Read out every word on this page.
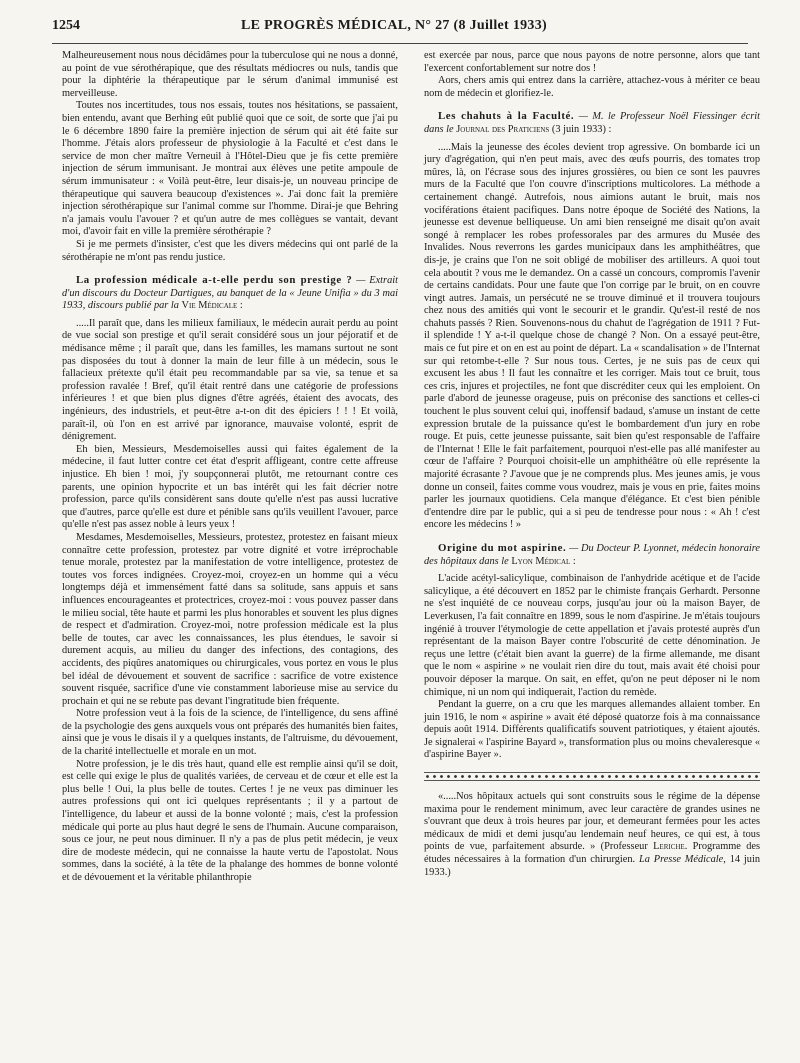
1254	LE PROGRÈS MÉDICAL, N° 27 (8 Juillet 1933)

Malheureusement nous nous décidâmes pour la tuberculose qui ne nous a donné, au point de vue sérothérapique, que des résultats médiocres ou nuls, tandis que pour la diphtérie la thérapeutique par le sérum d'animal immunisé est merveilleuse.

Toutes nos incertitudes, tous nos essais, toutes nos hésitations, se passaient, bien entendu, avant que Berhing eût publié quoi que ce soit, de sorte que j'ai pu le 6 décembre 1890 faire la première injection de sérum qui ait été faite sur l'homme. J'étais alors professeur de physiologie à la Faculté et c'est dans le service de mon cher maître Verneuil à l'Hôtel-Dieu que je fis cette première injection de sérum immunisant. Je montrai aux élèves une petite ampoule de sérum immunisateur : « Voilà peut-être, leur disais-je, un nouveau principe de thérapeutique qui sauvera beaucoup d'existences ». J'ai donc fait la première injection sérothérapique sur l'animal comme sur l'homme. Dirai-je que Behring n'a jamais voulu l'avouer ? et qu'un autre de mes collègues se vantait, devant moi, d'avoir fait en ville la première sérothérapie ?

Si je me permets d'insister, c'est que les divers médecins qui ont parlé de la sérothérapie ne m'ont pas rendu justice.

La profession médicale a-t-elle perdu son prestige ? — Extrait d'un discours du Docteur Dartigues, au banquet de la « Jeune Unifia » du 3 mai 1933, discours publié par la Vie Médicale :

.....Il paraît que, dans les milieux familiaux, le médecin aurait perdu au point de vue social son prestige et qu'il serait considéré sous un jour péjoratif et de médisance même ; il paraît que, dans les familles, les mamans surtout ne sont pas disposées du tout à donner la main de leur fille à un médecin, sous le fallacieux prétexte qu'il était peu recommandable par sa vie, sa tenue et sa profession ravalée ! Bref, qu'il était rentré dans une catégorie de professions inférieures ! et que bien plus dignes d'être agréés, étaient des avocats, des ingénieurs, des industriels, et peut-être a-t-on dit des épiciers ! ! ! Et voilà, paraît-il, où l'on en est arrivé par ignorance, mauvaise volonté, esprit de dénigrement.

Eh bien, Messieurs, Mesdemoiselles aussi qui faites également de la médecine, il faut lutter contre cet état d'esprit affligeant, contre cette affreuse injustice. Eh bien ! moi, j'y soupçonnerai plutôt, me retournant contre ces parents, une opinion hypocrite et un bas intérêt qui les fait décrier notre profession, parce qu'ils considèrent sans doute qu'elle n'est pas aussi lucrative que d'autres, parce qu'elle est dure et pénible sans qu'ils veuillent l'avouer, parce qu'elle n'est pas assez noble à leurs yeux !

Mesdames, Mesdemoiselles, Messieurs, protestez, protestez en faisant mieux connaître cette profession, protestez par votre dignité et votre irréprochable tenue morale, protestez par la manifestation de votre intelligence, protestez de toutes vos forces indignées. Croyez-moi, croyez-en un homme qui a vécu longtemps déjà et immensément fatté dans sa solitude, sans appuis et sans influences encourageantes et protectrices, croyez-moi : vous pouvez passer dans le milieu social, tête haute et parmi les plus honorables et souvent les plus dignes de respect et d'admiration. Croyez-moi, notre profession médicale est la plus belle de toutes, car avec les connaissances, les plus étendues, le savoir si durement acquis, au milieu du danger des infections, des contagions, des accidents, des piqûres anatomiques ou chirurgicales, vous portez en vous le plus bel idéal de dévouement et souvent de sacrifice : sacrifice de votre existence souvent risquée, sacrifice d'une vie constamment laborieuse mise au service du prochain et qui ne se rebute pas devant l'ingratitude bien fréquente.

Notre profession veut à la fois de la science, de l'intelligence, du sens affiné de la psychologie des gens auxquels vous ont préparés des humanités bien faites, ainsi que je vous le disais il y a quelques instants, de l'altruisme, du dévouement, de la charité intellectuelle et morale en un mot.

Notre profession, je le dis très haut, quand elle est remplie ainsi qu'il se doit, est celle qui exige le plus de qualités variées, de cerveau et de cœur et elle est la plus belle ! Oui, la plus belle de toutes. Certes ! je ne veux pas diminuer les autres professions qui ont ici quelques représentants ; il y a partout de l'intelligence, du labeur et aussi de la bonne volonté ; mais, c'est la profession médicale qui porte au plus haut degré le sens de l'humain. Aucune comparaison, sous ce jour, ne peut nous diminuer. Il n'y a pas de plus petit médecin, je veux dire de modeste médecin, qui ne connaisse la haute vertu de l'apostolat. Nous sommes, dans la société, à la tête de la phalange des hommes de bonne volonté et de dévouement et la véritable philanthropie

est exercée par nous, parce que nous payons de notre personne, alors que tant l'exercent confortablement sur notre dos !

Aors, chers amis qui entrez dans la carrière, attachez-vous à mériter ce beau nom de médecin et glorifiez-le.

Les chahuts à la Faculté. — M. le Professeur Noël Fiessinger écrit dans le Journal des Praticiens (3 juin 1933) :

.....Mais la jeunesse des écoles devient trop agressive. On bombarde ici un jury d'agrégation, qui n'en peut mais, avec des œufs pourris, des tomates trop mûres, là, on l'écrase sous des injures grossières, ou bien ce sont les pauvres murs de la Faculté que l'on couvre d'inscriptions multicolores. La méthode a certainement changé. Autrefois, nous aimions autant le bruit, mais nos vociférations étaient pacifiques. Dans notre époque de Société des Nations, la jeunesse est devenue belliqueuse. Un ami bien renseigné me disait qu'on avait songé à remplacer les robes professorales par des armures du Musée des Invalides. Nous reverrons les gardes municipaux dans les amphithéâtres, que dis-je, je crains que l'on ne soit obligé de mobiliser des artilleurs. A quoi tout cela aboutit ? vous me le demandez. On a cassé un concours, compromis l'avenir de certains candidats. Pour une faute que l'on corrige par le bruit, on en couvre vingt autres. Jamais, un persécuté ne se trouve diminué et il trouvera toujours chez nous des amitiés qui vont le secourir et le grandir. Qu'est-il resté de nos chahuts passés ? Rien. Souvenons-nous du chahut de l'agrégation de 1911 ? Fut-il splendide ! Y a-t-il quelque chose de changé ? Non. On a essayé peut-être, mais ce fut pire et on en est au point de départ. La « scandalisation » de l'Internat sur qui retombe-t-elle ? Sur nous tous. Certes, je ne suis pas de ceux qui excusent les abus ! Il faut les connaître et les corriger. Mais tout ce bruit, tous ces cris, injures et projectiles, ne font que discréditer ceux qui les emploient. On parle d'abord de jeunesse orageuse, puis on préconise des sanctions et celles-ci touchent le plus souvent celui qui, inoffensif badaud, s'amuse un instant de cette expression brutale de la puissance qu'est le bombardement d'un jury en robe rouge. Et puis, cette jeunesse puissante, sait bien qu'est responsable de l'affaire de l'Internat ! Elle le fait parfaitement, pourquoi n'est-elle pas allé manifester au cœur de l'affaire ? Pourquoi choisit-elle un amphithéâtre où elle représente la majorité écrasante ? J'avoue que je ne comprends plus. Mes jeunes amis, je vous donne un conseil, faites comme vous voudrez, mais je vous en prie, faites moins parler les journaux quotidiens. Cela manque d'élégance. Et c'est bien pénible d'entendre dire par le public, qui a si peu de tendresse pour nous : « Ah ! c'est encore les médecins ! »

Origine du mot aspirine. — Du Docteur P. Lyonnet, médecin honoraire des hôpitaux dans le Lyon Médical :

L'acide acétyl-salicylique, combinaison de l'anhydride acétique et de l'acide salicylique, a été découvert en 1852 par le chimiste français Gerhardt. Personne ne s'est inquiété de ce nouveau corps, jusqu'au jour où la maison Bayer, de Leverkusen, l'a fait connaître en 1899, sous le nom d'aspirine. Je m'étais toujours ingénié à trouver l'étymologie de cette appellation et j'avais protesté auprès d'un représentant de la maison Bayer contre l'obscurité de cette dénomination. Je reçus une lettre (c'était bien avant la guerre) de la firme allemande, me disant que le nom « aspirine » ne voulait rien dire du tout, mais avait été choisi pour pouvoir déposer la marque. On sait, en effet, qu'on ne peut déposer ni le nom chimique, ni un nom qui indiquerait, l'action du remède.

Pendant la guerre, on a cru que les marques allemandes allaient tomber. En juin 1916, le nom « aspirine » avait été déposé quatorze fois à ma connaissance depuis août 1914. Différents qualificatifs souvent patriotiques, y étaient ajoutés. Je signalerai « l'aspirine Bayard », transformation plus ou moins chevaleresque « d'aspirine Bayer ».

«.....Nos hôpitaux actuels qui sont construits sous le régime de la dépense maxima pour le rendement minimum, avec leur caractère de grandes usines ne s'ouvrant que deux à trois heures par jour, et demeurant fermées pour les actes médicaux de midi et demi jusqu'au lendemain neuf heures, ce qui est, à tous points de vue, parfaitement absurde. » (Professeur Leriche. Programme des études nécessaires à la formation d'un chirurgien. La Presse Médicale, 14 juin 1933.)
